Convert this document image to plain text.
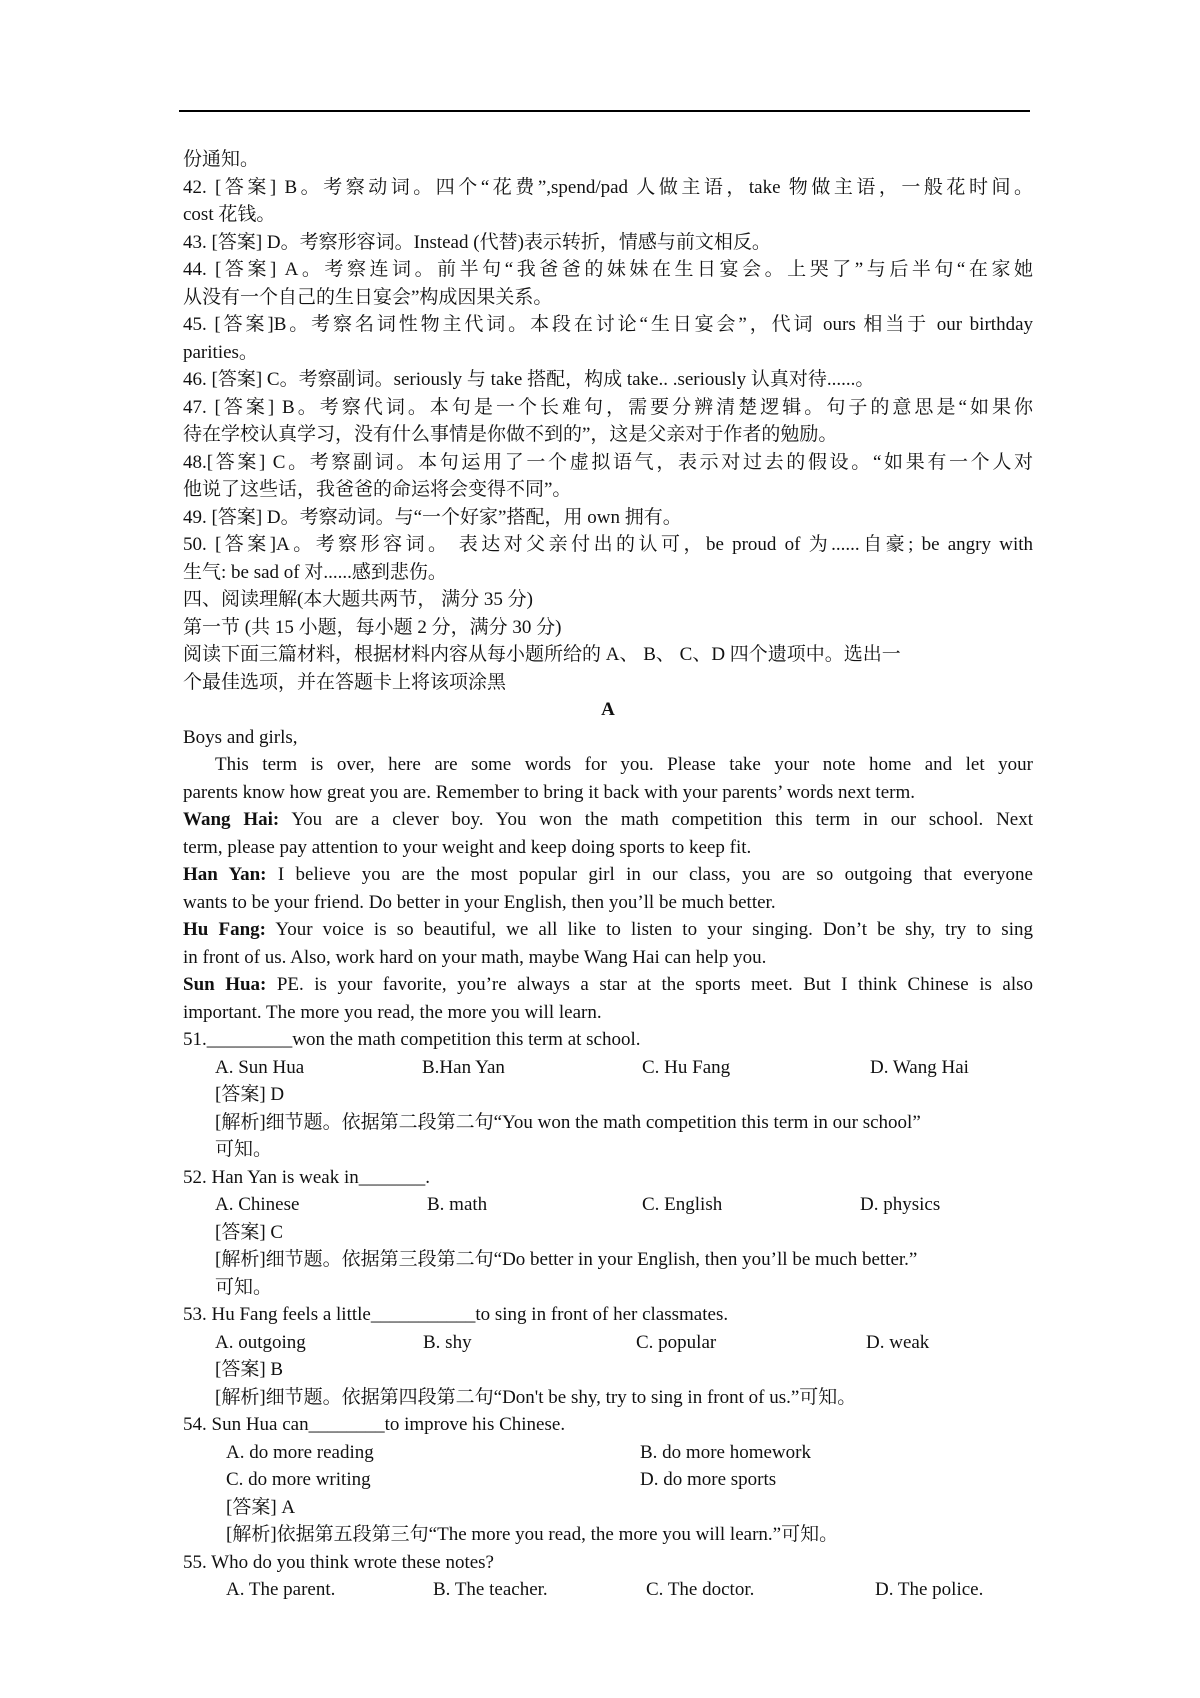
份通知。
42. [答案] B。考察动词。四个“花费”,spend/pad 人做主语，take 物做主语，一般花时间。
cost 花钱。
43. [答案] D。考察形容词。Instead (代替)表示转折，情感与前文相反。
44. [答案] A。考察连词。前半句“我爸爸的妹妹在生日宴会。上哭了”与后半句“在家她
从没有一个自己的生日宴会”构成因果关系。
45. [答案]B。考察名词性物主代词。本段在讨论“生日宴会”，代词 ours 相当于 our birthday
parities。
46. [答案] C。考察副词。seriously 与 take 搭配，构成 take.. .seriously 认真对待......。
47. [答案] B。考察代词。本句是一个长难句，需要分辨清楚逻辑。句子的意思是“如果你
待在学校认真学习，没有什么事情是你做不到的”，这是父亲对于作者的勉励。
48.[答案] C。考察副词。本句运用了一个虚拟语气，表示对过去的假设。“如果有一个人对
他说了这些话，我爸爸的命运将会变得不同”。
49. [答案] D。考察动词。与“一个好家”搭配，用 own 拥有。
50. [答案]A。考察形容词。 表达对父亲付出的认可，be proud of 为......自豪; be angry with
生气: be sad of 对......感到悲伤。
四、阅读理解(本大题共两节， 满分 35 分)
第一节 (共 15 小题，每小题 2 分，满分 30 分)
阅读下面三篇材料，根据材料内容从每小题所给的 A、 B、 C、D 四个遗项中。选出一
个最佳选项，并在答题卡上将该项涂黑
A
Boys and girls,
This term is over, here are some words for you. Please take your note home and let your
parents know how great you are. Remember to bring it back with your parents’ words next term.
Wang Hai: You are a clever boy. You won the math competition this term in our school. Next
term, please pay attention to your weight and keep doing sports to keep fit.
Han Yan: I believe you are the most popular girl in our class, you are so outgoing that everyone
wants to be your friend. Do better in your English, then you’ll be much better.
Hu Fang: Your voice is so beautiful, we all like to listen to your singing. Don’t be shy, try to sing
in front of us. Also, work hard on your math, maybe Wang Hai can help you.
Sun Hua: PE. is your favorite, you’re always a star at the sports meet. But I think Chinese is also
important. The more you read, the more you will learn.
51._________won the math competition this term at school.
A. Sun Hua	B.Han Yan	C. Hu Fang	D. Wang Hai
[答案] D
[解析]细节题。依据第二段第二句“You won the math competition this term in our school”
可知。
52. Han Yan is weak in_______.
A. Chinese	B. math	C. English	D. physics
[答案] C
[解析]细节题。依据第三段第二句“Do better in your English, then you’ll be much better.”
可知。
53. Hu Fang feels a little___________to sing in front of her classmates.
A. outgoing	B. shy	C. popular	D. weak
[答案] B
[解析]细节题。依据第四段第二句“Don't be shy, try to sing in front of us.”可知。
54. Sun Hua can________to improve his Chinese.
A. do more reading	B. do more homework
C. do more writing	D. do more sports
[答案] A
[解析]依据第五段第三句“The more you read, the more you will learn.”可知。
55. Who do you think wrote these notes?
A. The parent.	B. The teacher.	C. The doctor.	D. The police.
